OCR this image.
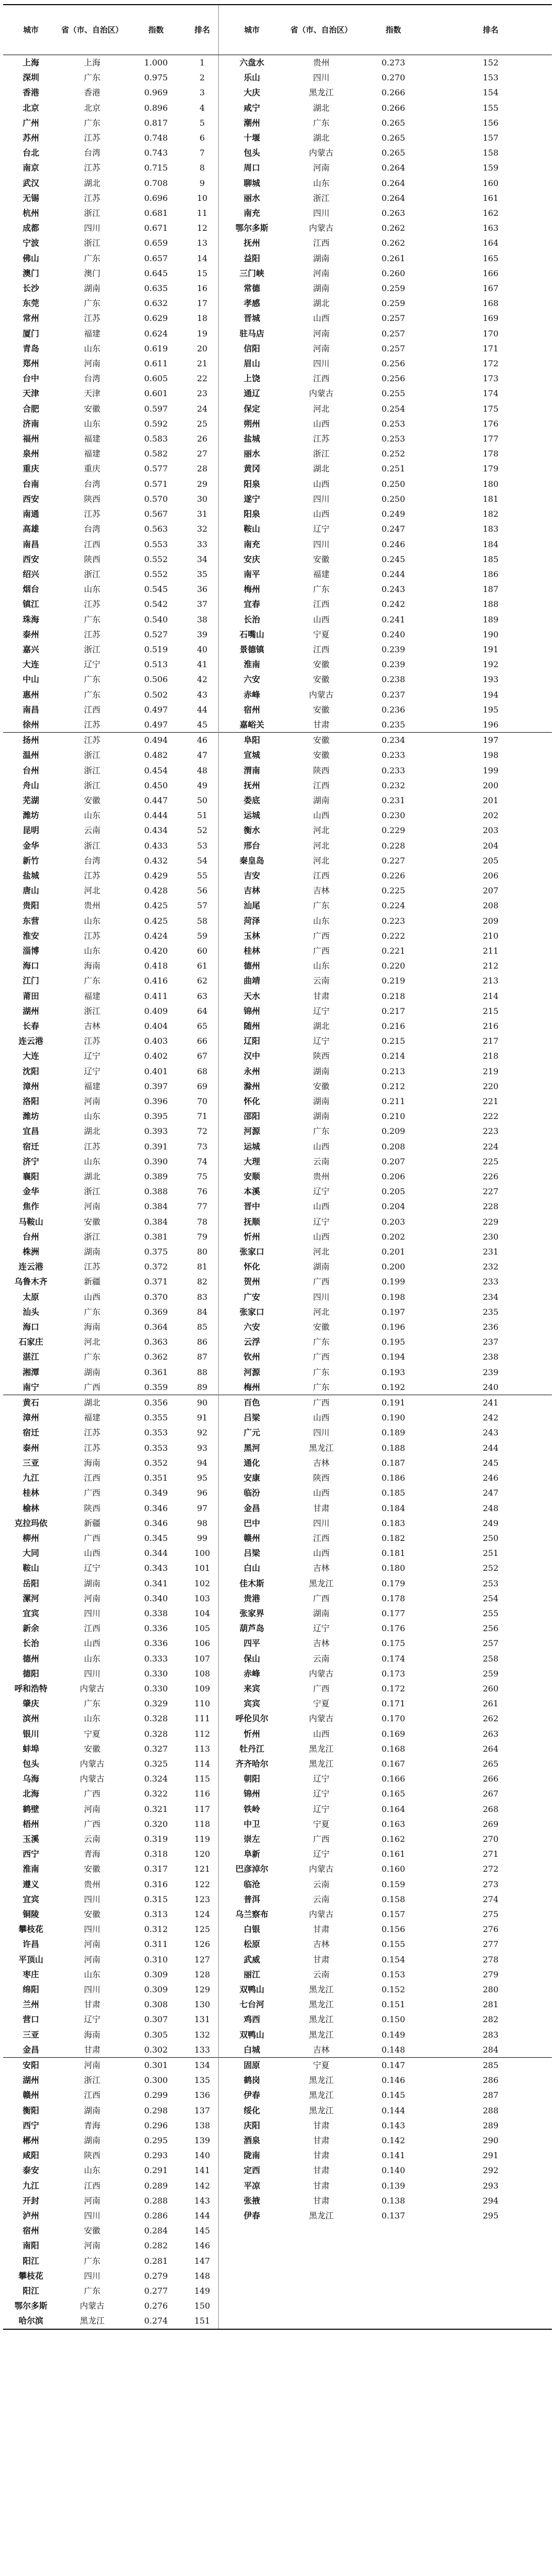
城市	省（市、自治区）	指数	排名	城市	省（市、自治区）	指数	排名
上海	上海	1.000	1	六盘水	贵州	0.273	152
深圳	广东	0.975	2	乐山	四川	0.270	153
香港	香港	0.969	3	大庆	黑龙江	0.266	154
北京	北京	0.896	4	咸宁	湖北	0.266	155
广州	广东	0.817	5	潮州	广东	0.265	156
苏州	江苏	0.748	6	十堰	湖北	0.265	157
台北	台湾	0.743	7	包头	内蒙古	0.265	158
南京	江苏	0.715	8	周口	河南	0.264	159
武汉	湖北	0.708	9	聊城	山东	0.264	160
无锡	江苏	0.696	10	丽水	浙江	0.264	161
杭州	浙江	0.681	11	南充	四川	0.263	162
成都	四川	0.671	12	鄂尔多斯	内蒙古	0.262	163
宁波	浙江	0.659	13	抚州	江西	0.262	164
佛山	广东	0.657	14	益阳	湖南	0.261	165
澳门	澳门	0.645	15	三门峡	河南	0.260	166
长沙	湖南	0.635	16	常德	湖南	0.259	167
东莞	广东	0.632	17	孝感	湖北	0.259	168
常州	江苏	0.629	18	晋城	山西	0.257	169
厦门	福建	0.624	19	驻马店	河南	0.257	170
青岛	山东	0.619	20	信阳	河南	0.257	171
郑州	河南	0.611	21	眉山	四川	0.256	172
台中	台湾	0.605	22	上饶	江西	0.256	173
天津	天津	0.601	23	通辽	内蒙古	0.255	174
合肥	安徽	0.597	24	保定	河北	0.254	175
济南	山东	0.592	25	朔州	山西	0.253	176
福州	福建	0.583	26	盐城	江苏	0.253	177
泉州	福建	0.582	27	丽水	浙江	0.252	178
重庆	重庆	0.577	28	黄冈	湖北	0.251	179
台南	台湾	0.571	29	阳泉	山西	0.250	180
西安	陕西	0.570	30	遂宁	四川	0.250	181
南通	江苏	0.567	31	阳泉	山西	0.249	182
高雄	台湾	0.563	32	鞍山	辽宁	0.247	183
南昌	江西	0.553	33	南充	四川	0.246	184
西安	陕西	0.552	34	安庆	安徽	0.245	185
绍兴	浙江	0.552	35	南平	福建	0.244	186
烟台	山东	0.545	36	梅州	广东	0.243	187
镇江	江苏	0.542	37	宜春	江西	0.242	188
珠海	广东	0.540	38	长治	山西	0.241	189
泰州	江苏	0.527	39	石嘴山	宁夏	0.240	190
嘉兴	浙江	0.519	40	景德镇	江西	0.239	191
大连	辽宁	0.513	41	淮南	安徽	0.239	192
中山	广东	0.506	42	六安	安徽	0.238	193
惠州	广东	0.502	43	赤峰	内蒙古	0.237	194
南昌	江西	0.497	44	宿州	安徽	0.236	195
徐州	江苏	0.497	45	嘉峪关	甘肃	0.235	196
扬州	江苏	0.494	46	阜阳	安徽	0.234	197
温州	浙江	0.482	47	宣城	安徽	0.233	198
台州	浙江	0.454	48	渭南	陕西	0.233	199
舟山	浙江	0.450	49	抚州	江西	0.232	200
芜湖	安徽	0.447	50	娄底	湖南	0.231	201
潍坊	山东	0.444	51	运城	山西	0.230	202
昆明	云南	0.434	52	衡水	河北	0.229	203
金华	浙江	0.433	53	邢台	河北	0.228	204
新竹	台湾	0.432	54	秦皇岛	河北	0.227	205
盐城	江苏	0.429	55	吉安	江西	0.226	206
唐山	河北	0.428	56	吉林	吉林	0.225	207
贵阳	贵州	0.425	57	汕尾	广东	0.224	208
东营	山东	0.425	58	菏泽	山东	0.223	209
淮安	江苏	0.424	59	玉林	广西	0.222	210
淄博	山东	0.420	60	桂林	广西	0.221	211
海口	海南	0.418	61	德州	山东	0.220	212
江门	广东	0.416	62	曲靖	云南	0.219	213
莆田	福建	0.411	63	天水	甘肃	0.218	214
湖州	浙江	0.409	64	锦州	辽宁	0.217	215
长春	吉林	0.404	65	随州	湖北	0.216	216
连云港	江苏	0.403	66	辽阳	辽宁	0.215	217
大连	辽宁	0.402	67	汉中	陕西	0.214	218
沈阳	辽宁	0.401	68	永州	湖南	0.213	219
漳州	福建	0.397	69	滁州	安徽	0.212	220
洛阳	河南	0.396	70	怀化	湖南	0.211	221
潍坊	山东	0.395	71	邵阳	湖南	0.210	222
宜昌	湖北	0.393	72	河源	广东	0.209	223
宿迁	江苏	0.391	73	运城	山西	0.208	224
济宁	山东	0.390	74	大理	云南	0.207	225
襄阳	湖北	0.389	75	安顺	贵州	0.206	226
金华	浙江	0.388	76	本溪	辽宁	0.205	227
焦作	河南	0.384	77	晋中	山西	0.204	228
马鞍山	安徽	0.384	78	抚顺	辽宁	0.203	229
台州	浙江	0.381	79	忻州	山西	0.202	230
株洲	湖南	0.375	80	张家口	河北	0.201	231
连云港	江苏	0.372	81	怀化	湖南	0.200	232
乌鲁木齐	新疆	0.371	82	贺州	广西	0.199	233
太原	山西	0.370	83	广安	四川	0.198	234
汕头	广东	0.369	84	张家口	河北	0.197	235
海口	海南	0.364	85	六安	安徽	0.196	236
石家庄	河北	0.363	86	云浮	广东	0.195	237
湛江	广东	0.362	87	钦州	广西	0.194	238
湘潭	湖南	0.361	88	河源	广东	0.193	239
南宁	广西	0.359	89	梅州	广东	0.192	240
黄石	湖北	0.356	90	百色	广西	0.191	241
漳州	福建	0.355	91	吕梁	山西	0.190	242
宿迁	江苏	0.353	92	广元	四川	0.189	243
泰州	江苏	0.353	93	黑河	黑龙江	0.188	244
三亚	海南	0.352	94	通化	吉林	0.187	245
九江	江西	0.351	95	安康	陕西	0.186	246
桂林	广西	0.349	96	临汾	山西	0.185	247
榆林	陕西	0.346	97	金昌	甘肃	0.184	248
克拉玛依	新疆	0.346	98	巴中	四川	0.183	249
柳州	广西	0.345	99	赣州	江西	0.182	250
大同	山西	0.344	100	吕梁	山西	0.181	251
鞍山	辽宁	0.343	101	白山	吉林	0.180	252
岳阳	湖南	0.341	102	佳木斯	黑龙江	0.179	253
漯河	河南	0.340	103	贵港	广西	0.178	254
宜宾	四川	0.338	104	张家界	湖南	0.177	255
新余	江西	0.336	105	葫芦岛	辽宁	0.176	256
长治	山西	0.336	106	四平	吉林	0.175	257
德州	山东	0.333	107	保山	云南	0.174	258
德阳	四川	0.330	108	赤峰	内蒙古	0.173	259
呼和浩特	内蒙古	0.330	109	来宾	广西	0.172	260
肇庆	广东	0.329	110	宾宾	宁夏	0.171	261
滨州	山东	0.328	111	呼伦贝尔	内蒙古	0.170	262
银川	宁夏	0.328	112	忻州	山西	0.169	263
蚌埠	安徽	0.327	113	牡丹江	黑龙江	0.168	264
包头	内蒙古	0.325	114	齐齐哈尔	黑龙江	0.167	265
乌海	内蒙古	0.324	115	朝阳	辽宁	0.166	266
北海	广西	0.322	116	锦州	辽宁	0.165	267
鹤壁	河南	0.321	117	铁岭	辽宁	0.164	268
梧州	广西	0.320	118	中卫	宁夏	0.163	269
玉溪	云南	0.319	119	崇左	广西	0.162	270
西宁	青海	0.318	120	阜新	辽宁	0.161	271
淮南	安徽	0.317	121	巴彦淖尔	内蒙古	0.160	272
遵义	贵州	0.316	122	临沧	云南	0.159	273
宜宾	四川	0.315	123	普洱	云南	0.158	274
铜陵	安徽	0.313	124	乌兰察布	内蒙古	0.157	275
攀枝花	四川	0.312	125	白银	甘肃	0.156	276
许昌	河南	0.311	126	松原	吉林	0.155	277
平顶山	河南	0.310	127	武威	甘肃	0.154	278
枣庄	山东	0.309	128	丽江	云南	0.153	279
绵阳	四川	0.309	129	双鸭山	黑龙江	0.152	280
兰州	甘肃	0.308	130	七台河	黑龙江	0.151	281
营口	辽宁	0.307	131	鸡西	黑龙江	0.150	282
三亚	海南	0.305	132	双鸭山	黑龙江	0.149	283
金昌	甘肃	0.302	133	白城	吉林	0.148	284
安阳	河南	0.301	134	固原	宁夏	0.147	285
湖州	浙江	0.300	135	鹤岗	黑龙江	0.146	286
赣州	江西	0.299	136	伊春	黑龙江	0.145	287
衡阳	湖南	0.298	137	绥化	黑龙江	0.144	288
西宁	青海	0.296	138	庆阳	甘肃	0.143	289
郴州	湖南	0.295	139	酒泉	甘肃	0.142	290
咸阳	陕西	0.293	140	陇南	甘肃	0.141	291
泰安	山东	0.291	141	定西	甘肃	0.140	292
九江	江西	0.289	142	平凉	甘肃	0.139	293
开封	河南	0.288	143	张掖	甘肃	0.138	294
泸州	四川	0.286	144	伊春	黑龙江	0.137	295
宿州	安徽	0.284	145				
南阳	河南	0.282	146				
阳江	广东	0.281	147				
攀枝花	四川	0.279	148				
阳江	广东	0.277	149				
鄂尔多斯	内蒙古	0.276	150				
哈尔滨	黑龙江	0.274	151				
